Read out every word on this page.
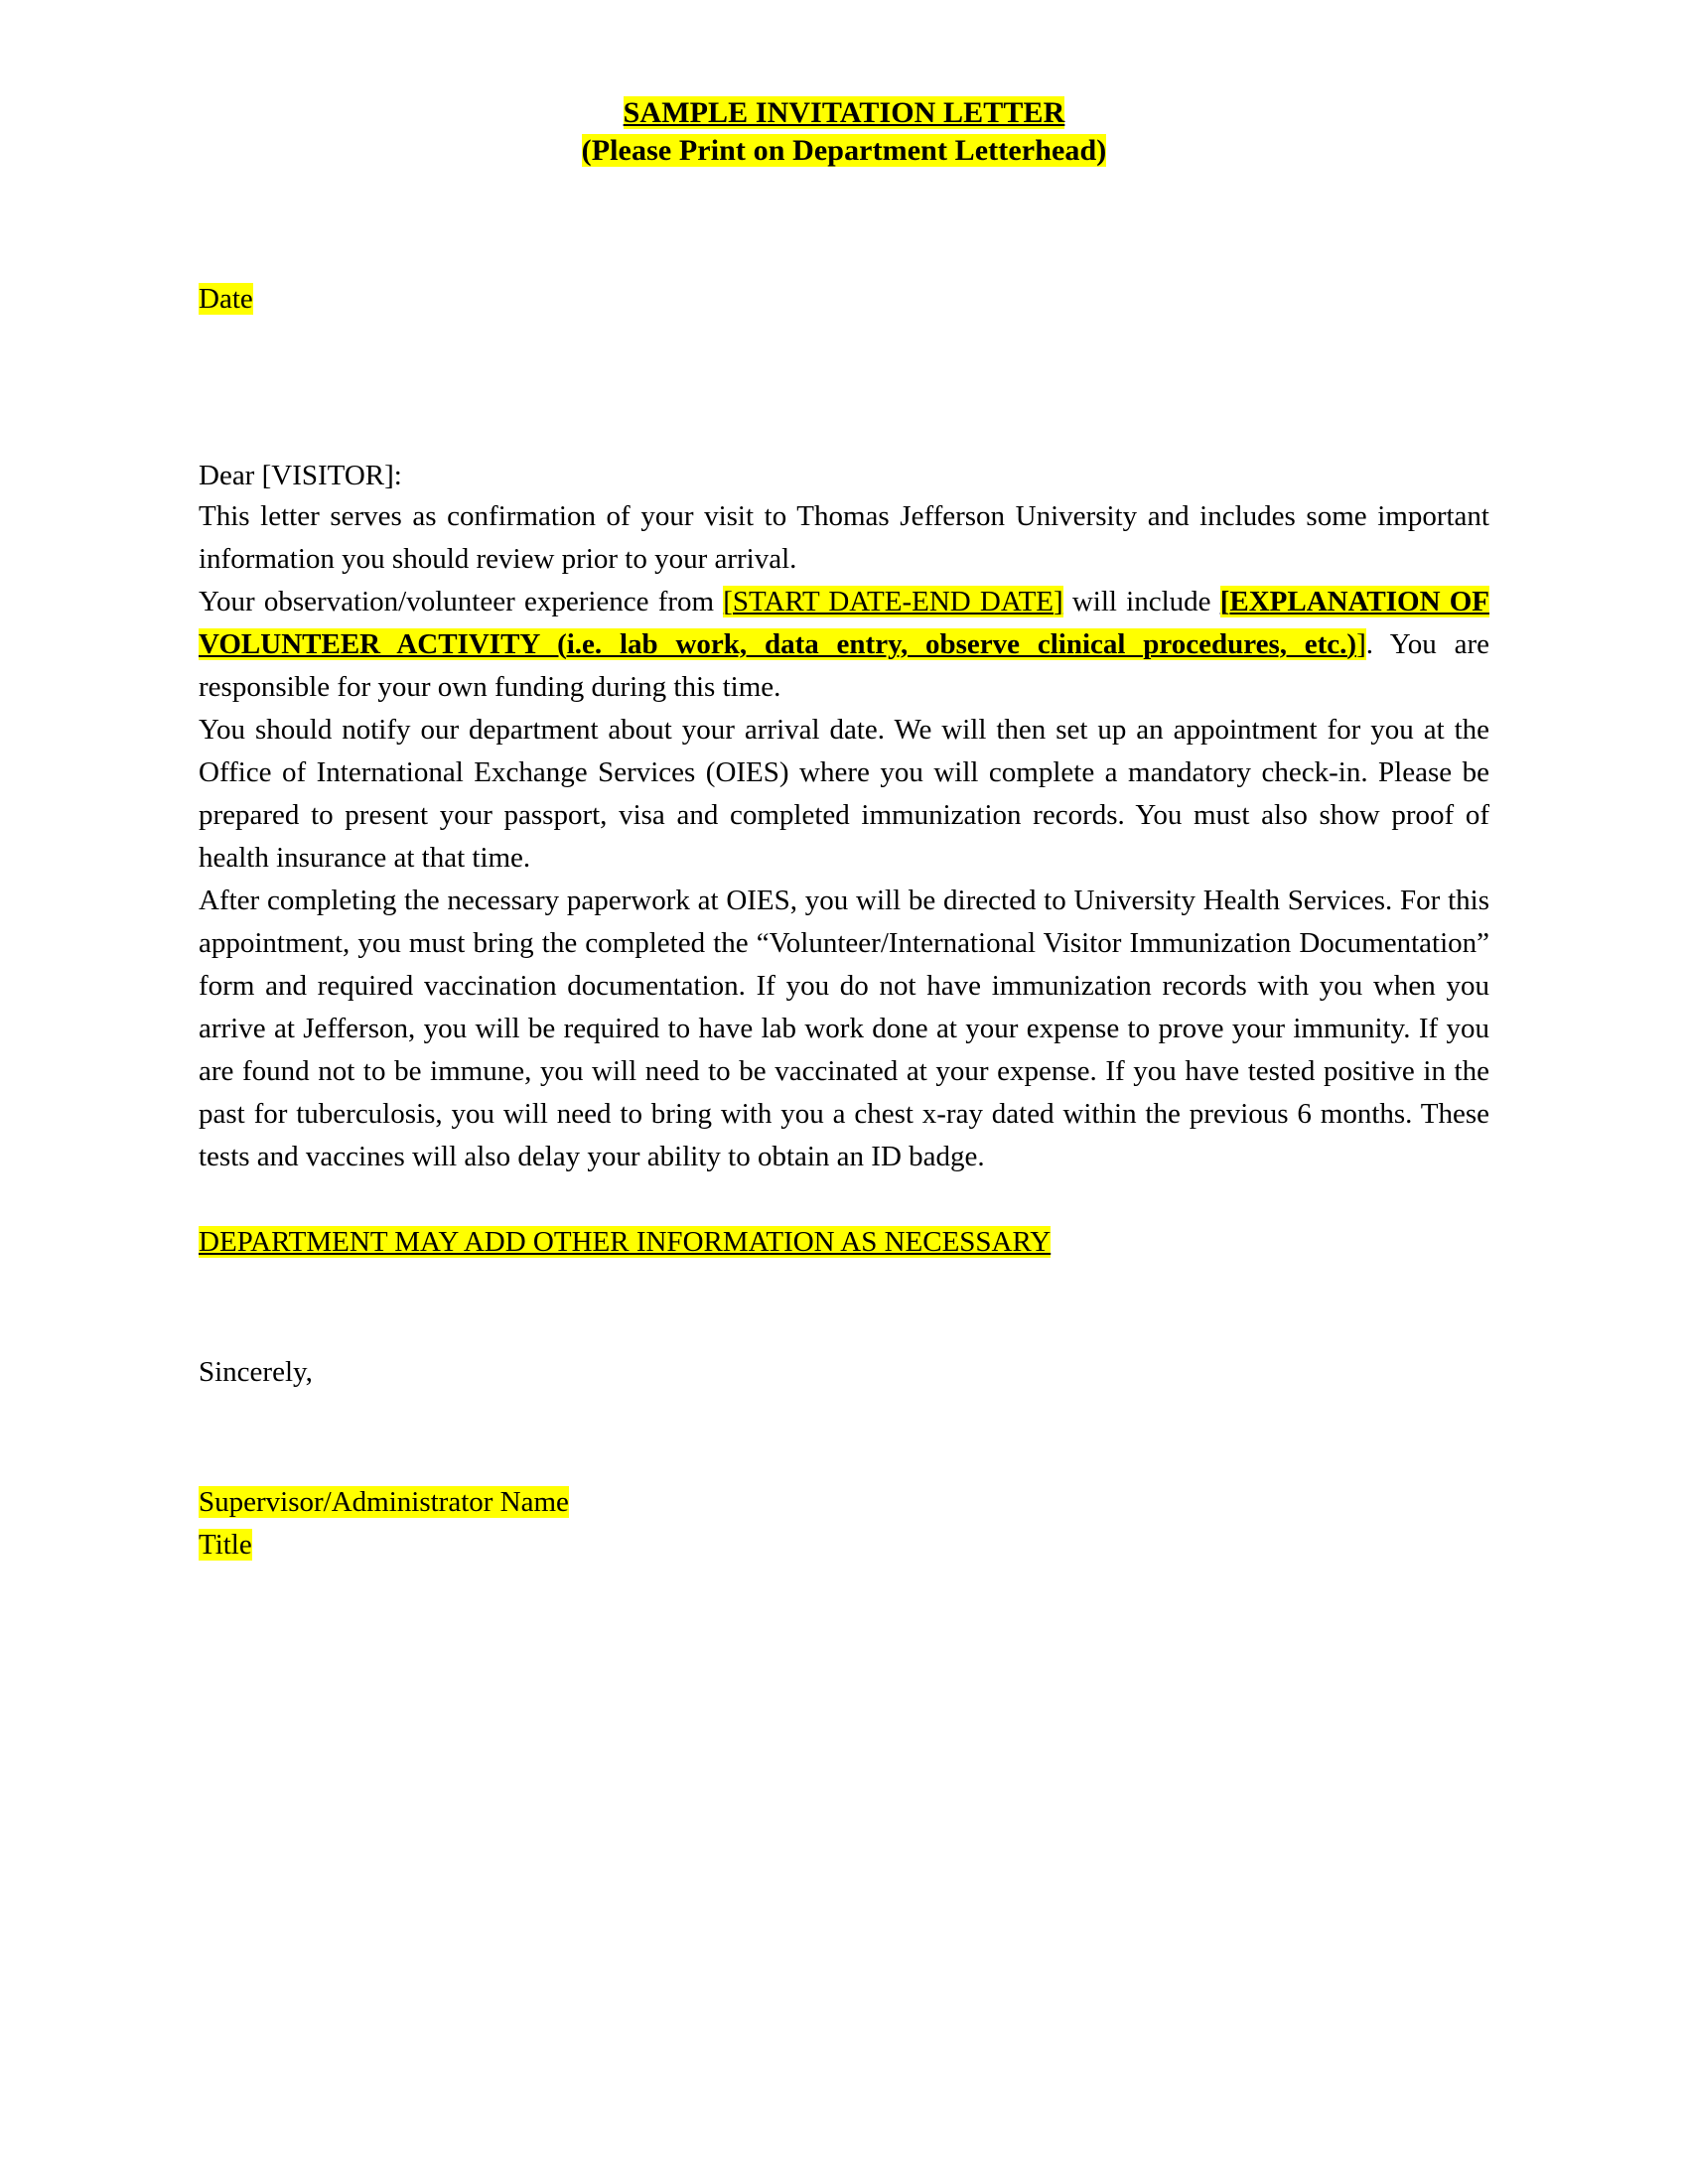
SAMPLE INVITATION LETTER
(Please Print on Department Letterhead)
Date
Dear [VISITOR]:

This letter serves as confirmation of your visit to Thomas Jefferson University and includes some important information you should review prior to your arrival.

Your observation/volunteer experience from [START DATE-END DATE] will include [EXPLANATION OF VOLUNTEER ACTIVITY (i.e. lab work, data entry, observe clinical procedures, etc.)]. You are responsible for your own funding during this time.

You should notify our department about your arrival date. We will then set up an appointment for you at the Office of International Exchange Services (OIES) where you will complete a mandatory check-in. Please be prepared to present your passport, visa and completed immunization records. You must also show proof of health insurance at that time.

After completing the necessary paperwork at OIES, you will be directed to University Health Services. For this appointment, you must bring the completed the “Volunteer/International Visitor Immunization Documentation” form and required vaccination documentation. If you do not have immunization records with you when you arrive at Jefferson, you will be required to have lab work done at your expense to prove your immunity. If you are found not to be immune, you will need to be vaccinated at your expense. If you have tested positive in the past for tuberculosis, you will need to bring with you a chest x-ray dated within the previous 6 months. These tests and vaccines will also delay your ability to obtain an ID badge.

DEPARTMENT MAY ADD OTHER INFORMATION AS NECESSARY
Sincerely,
Supervisor/Administrator Name
Title
